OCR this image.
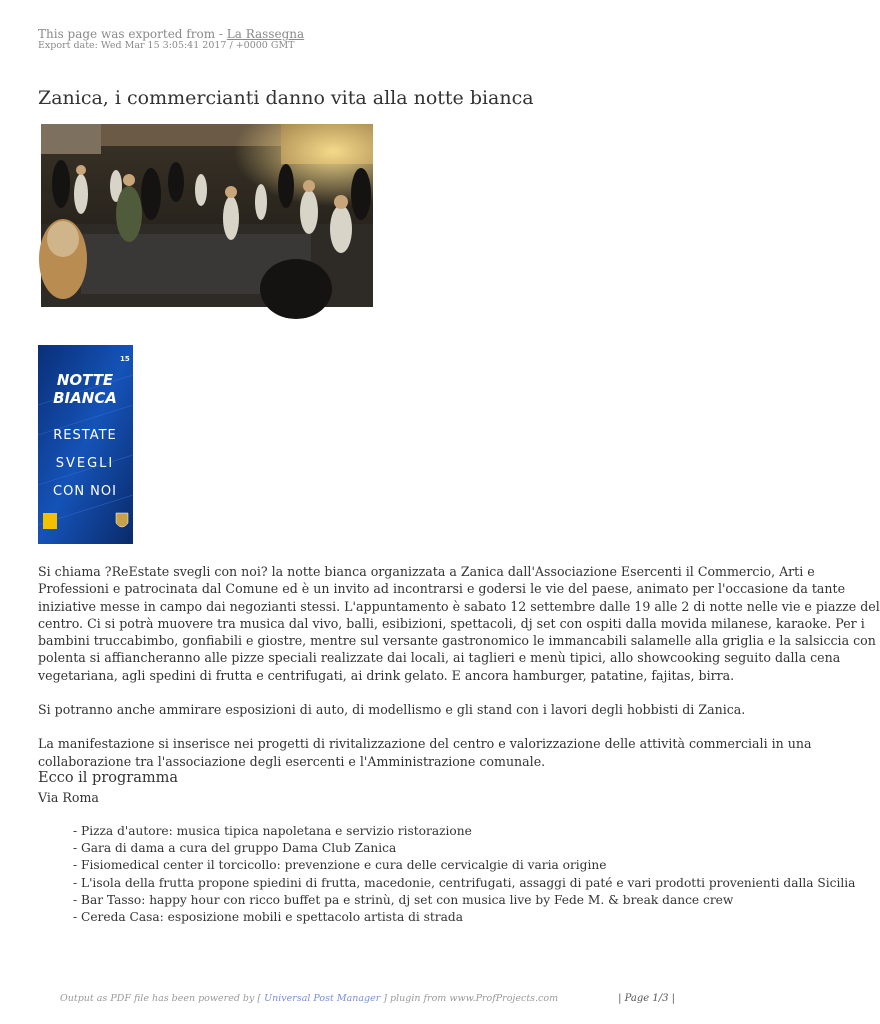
This page was exported from - La Rassegna
Export date: Wed Mar 15 3:05:41 2017 / +0000 GMT
Zanica, i commercianti danno vita alla notte bianca
15
NOTTE
BIANCA
RESTATE
SVEGLI
CON NOI

Si chiama ?ReEstate svegli con noi? la notte bianca organizzata a Zanica dall'Associazione Esercenti il Commercio, Arti e
Professioni e patrocinata dal Comune ed è un invito ad incontrarsi e godersi le vie del paese, animato per l'occasione da tante
iniziative messe in campo dai negozianti stessi. L'appuntamento è sabato 12 settembre dalle 19 alle 2 di notte nelle vie e piazze del
centro. Ci si potrà muovere tra musica dal vivo, balli, esibizioni, spettacoli, dj set con ospiti dalla movida milanese, karaoke. Per i
bambini truccabimbo, gonfiabili e giostre, mentre sul versante gastronomico le immancabili salamelle alla griglia e la salsiccia con
polenta si affiancheranno alle pizze speciali realizzate dai locali, ai taglieri e menù tipici, allo showcooking seguito dalla cena
vegetariana, agli spedini di frutta e centrifugati, ai drink gelato. E ancora hamburger, patatine, fajitas, birra.

Si potranno anche ammirare esposizioni di auto, di modellismo e gli stand con i lavori degli hobbisti di Zanica.

La manifestazione si inserisce nei progetti di rivitalizzazione del centro e valorizzazione delle attività commerciali in una
collaborazione tra l'associazione degli esercenti e l'Amministrazione comunale.

Ecco il programma
Via Roma
- Pizza d'autore: musica tipica napoletana e servizio ristorazione
- Gara di dama a cura del gruppo Dama Club Zanica
- Fisiomedical center il torcicollo: prevenzione e cura delle cervicalgie di varia origine
- L'isola della frutta propone spiedini di frutta, macedonie, centrifugati, assaggi di paté e vari prodotti provenienti dalla Sicilia
- Bar Tasso: happy hour con ricco buffet pa e strinù, dj set con musica live by Fede M. & break dance crew
- Cereda Casa: esposizione mobili e spettacolo artista di strada
Output as PDF file has been powered by [ Universal Post Manager ] plugin from www.ProfProjects.com	| Page 1/3 |
